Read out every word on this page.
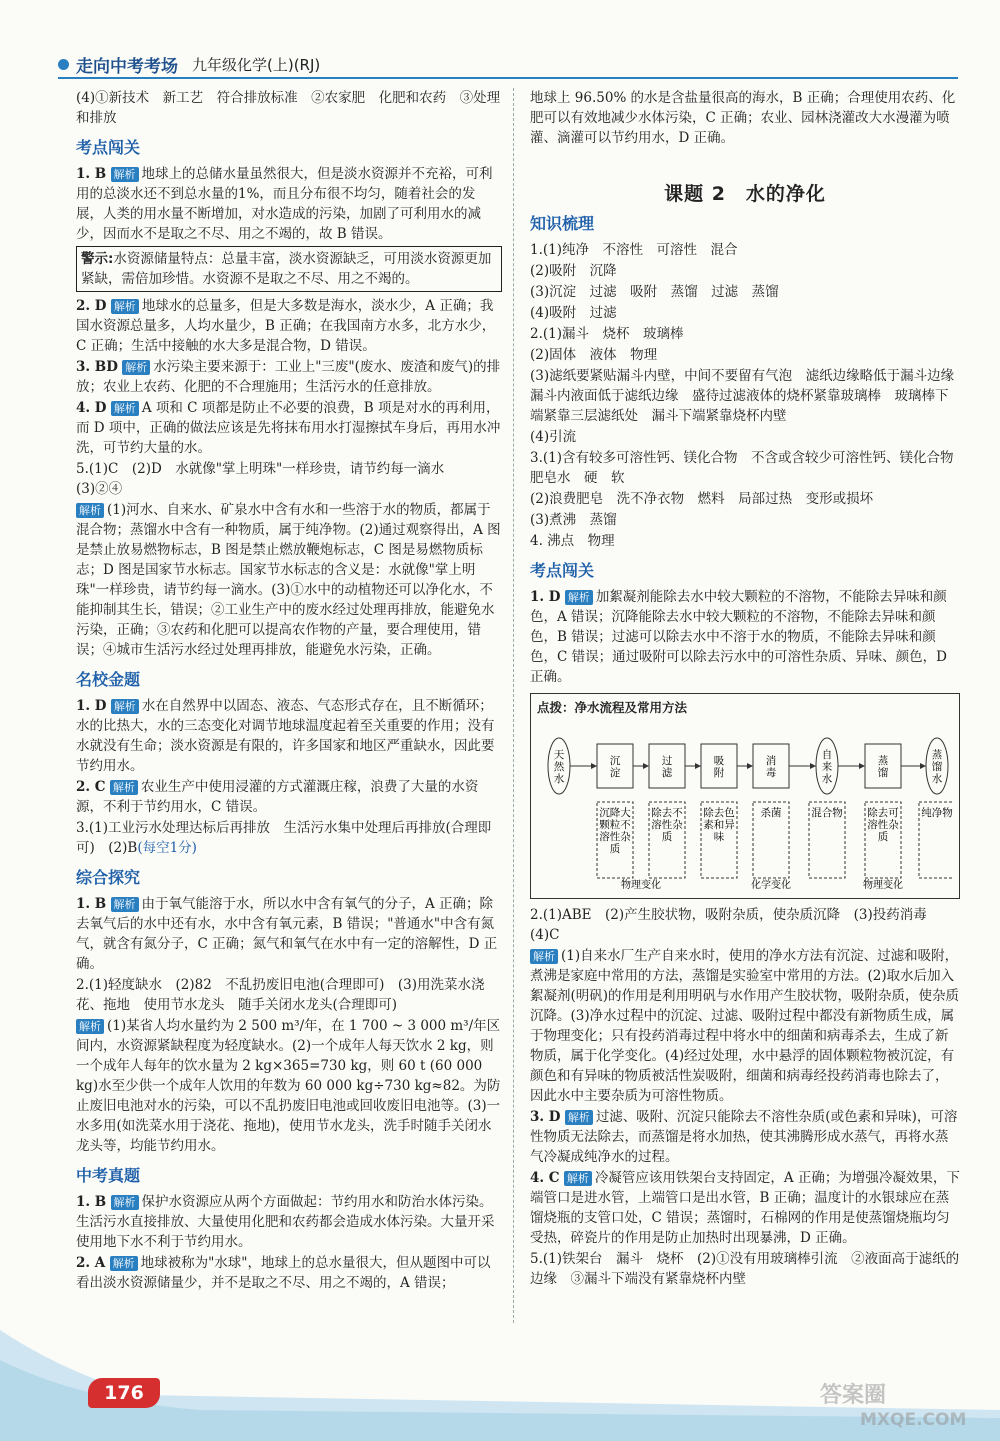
走向中考考场 九年级化学(上)(RJ)

(4)①新技术　新工艺　符合排放标准　②农家肥　化肥和农药　③处理和排放

考点闯关

1. B 解析 地球上的总储水量虽然很大，但是淡水资源并不充裕，可利用的总淡水还不到总水量的1%，而且分布很不均匀，随着社会的发展，人类的用水量不断增加，对水造成的污染，加剧了可利用水的减少，因而水不是取之不尽、用之不竭的，故 B 错误。

警示:水资源储量特点：总量丰富，淡水资源缺乏，可用淡水资源更加紧缺，需倍加珍惜。水资源不是取之不尽、用之不竭的。

2. D 解析 地球水的总量多，但是大多数是海水，淡水少，A 正确；我国水资源总量多，人均水量少，B 正确；在我国南方水多，北方水少，C 正确；生活中接触的水大多是混合物，D 错误。

3. BD 解析 水污染主要来源于：工业上"三废"(废水、废渣和废气)的排放；农业上农药、化肥的不合理施用；生活污水的任意排放。

4. D 解析 A 项和 C 项都是防止不必要的浪费，B 项是对水的再利用，而 D 项中，正确的做法应该是先将抹布用水打湿擦拭车身后，再用水冲洗，可节约大量的水。

5.(1)C　(2)D　水就像"掌上明珠"一样珍贵，请节约每一滴水　(3)②④

解析 (1)河水、自来水、矿泉水中含有水和一些溶于水的物质，都属于混合物；蒸馏水中含有一种物质，属于纯净物。(2)通过观察得出，A 图是禁止放易燃物标志，B 图是禁止燃放鞭炮标志，C 图是易燃物质标志；D 图是国家节水标志。国家节水标志的含义是：水就像"掌上明珠"一样珍贵，请节约每一滴水。(3)①水中的动植物还可以净化水，不能抑制其生长，错误；②工业生产中的废水经过处理再排放，能避免水污染，正确；③农药和化肥可以提高农作物的产量，要合理使用，错误；④城市生活污水经过处理再排放，能避免水污染，正确。

名校金题

1. D 解析 水在自然界中以固态、液态、气态形式存在，且不断循环；水的比热大，水的三态变化对调节地球温度起着至关重要的作用；没有水就没有生命；淡水资源是有限的，许多国家和地区严重缺水，因此要节约用水。

2. C 解析 农业生产中使用浸灌的方式灌溉庄稼，浪费了大量的水资源，不利于节约用水，C 错误。

3.(1)工业污水处理达标后再排放　生活污水集中处理后再排放(合理即可)　(2)B(每空1分)

综合探究

1. B 解析 由于氧气能溶于水，所以水中含有氧气的分子，A 正确；除去氧气后的水中还有水，水中含有氧元素，B 错误；"普通水"中含有氮气，就含有氮分子，C 正确；氮气和氧气在水中有一定的溶解性，D 正确。

2.(1)轻度缺水　(2)82　不乱扔废旧电池(合理即可)　(3)用洗菜水浇花、拖地　使用节水龙头　随手关闭水龙头(合理即可)

解析 (1)某省人均水量约为 2 500 m³/年，在 1 700 ~ 3 000 m³/年区间内，水资源紧缺程度为轻度缺水。(2)一个成年人每天饮水 2 kg，则一个成年人每年的饮水量为 2 kg×365=730 kg，则 60 t (60 000 kg)水至少供一个成年人饮用的年数为 60 000 kg÷730 kg≈82。为防止废旧电池对水的污染，可以不乱扔废旧电池或回收废旧电池等。(3)一水多用(如洗菜水用于浇花、拖地)，使用节水龙头，洗手时随手关闭水龙头等，均能节约用水。

中考真题

1. B 解析 保护水资源应从两个方面做起：节约用水和防治水体污染。生活污水直接排放、大量使用化肥和农药都会造成水体污染。大量开采使用地下水不利于节约用水。

2. A 解析 地球被称为"水球"，地球上的总水量很大，但从题图中可以看出淡水资源储量少，并不是取之不尽、用之不竭的，A 错误；

地球上 96.50% 的水是含盐量很高的海水，B 正确；合理使用农药、化肥可以有效地减少水体污染，C 正确；农业、园林浇灌改大水漫灌为喷灌、滴灌可以节约用水，D 正确。

课题 2　水的净化

知识梳理

1.(1)纯净　不溶性　可溶性　混合

(2)吸附　沉降

(3)沉淀　过滤　吸附　蒸馏　过滤　蒸馏

(4)吸附　过滤

2.(1)漏斗　烧杯　玻璃棒

(2)固体　液体　物理

(3)滤纸要紧贴漏斗内壁，中间不要留有气泡　滤纸边缘略低于漏斗边缘　漏斗内液面低于滤纸边缘　盛待过滤液体的烧杯紧靠玻璃棒　玻璃棒下端紧靠三层滤纸处　漏斗下端紧靠烧杯内壁

(4)引流

3.(1)含有较多可溶性钙、镁化合物　不含或含较少可溶性钙、镁化合物　肥皂水　硬　软

(2)浪费肥皂　洗不净衣物　燃料　局部过热　变形或损坏

(3)煮沸　蒸馏

4. 沸点　物理

考点闯关

1. D 解析 加絮凝剂能除去水中较大颗粒的不溶物，不能除去异味和颜色，A 错误；沉降能除去水中较大颗粒的不溶物，不能除去异味和颜色，B 错误；过滤可以除去水中不溶于水的物质，不能除去异味和颜色，C 错误；通过吸附可以除去污水中的可溶性杂质、异味、颜色，D 正确。

点拨：净水流程及常用方法
天然水
沉淀
过滤
吸附
消毒
自来水
蒸馏
蒸馏水
沉降大颗粒不溶性杂质
除去不溶性杂质
除去色素和异味
杀菌	混合物 除去可溶性杂质
纯净物
物理变化	化学变化	物理变化

2.(1)ABE　(2)产生胶状物，吸附杂质，使杂质沉降　(3)投药消毒　(4)C

解析 (1)自来水厂生产自来水时，使用的净水方法有沉淀、过滤和吸附，煮沸是家庭中常用的方法，蒸馏是实验室中常用的方法。(2)取水后加入絮凝剂(明矾)的作用是利用明矾与水作用产生胶状物，吸附杂质，使杂质沉降。(3)净水过程中的沉淀、过滤、吸附过程中都没有新物质生成，属于物理变化；只有投药消毒过程中将水中的细菌和病毒杀去，生成了新物质，属于化学变化。(4)经过处理，水中悬浮的固体颗粒物被沉淀，有颜色和有异味的物质被活性炭吸附，细菌和病毒经投药消毒也除去了，因此水中主要杂质为可溶性物质。

3. D 解析 过滤、吸附、沉淀只能除去不溶性杂质(或色素和异味)，可溶性物质无法除去，而蒸馏是将水加热，使其沸腾形成水蒸气，再将水蒸气冷凝成纯净水的过程。

4. C 解析 冷凝管应该用铁架台支持固定，A 正确；为增强冷凝效果，下端管口是进水管，上端管口是出水管，B 正确；温度计的水银球应在蒸馏烧瓶的支管口处，C 错误；蒸馏时，石棉网的作用是使蒸馏烧瓶均匀受热，碎瓷片的作用是防止加热时出现暴沸，D 正确。

5.(1)铁架台　漏斗　烧杯　(2)①没有用玻璃棒引流　②液面高于滤纸的边缘　③漏斗下端没有紧靠烧杯内壁

176	答案圈
MXQE.COM
